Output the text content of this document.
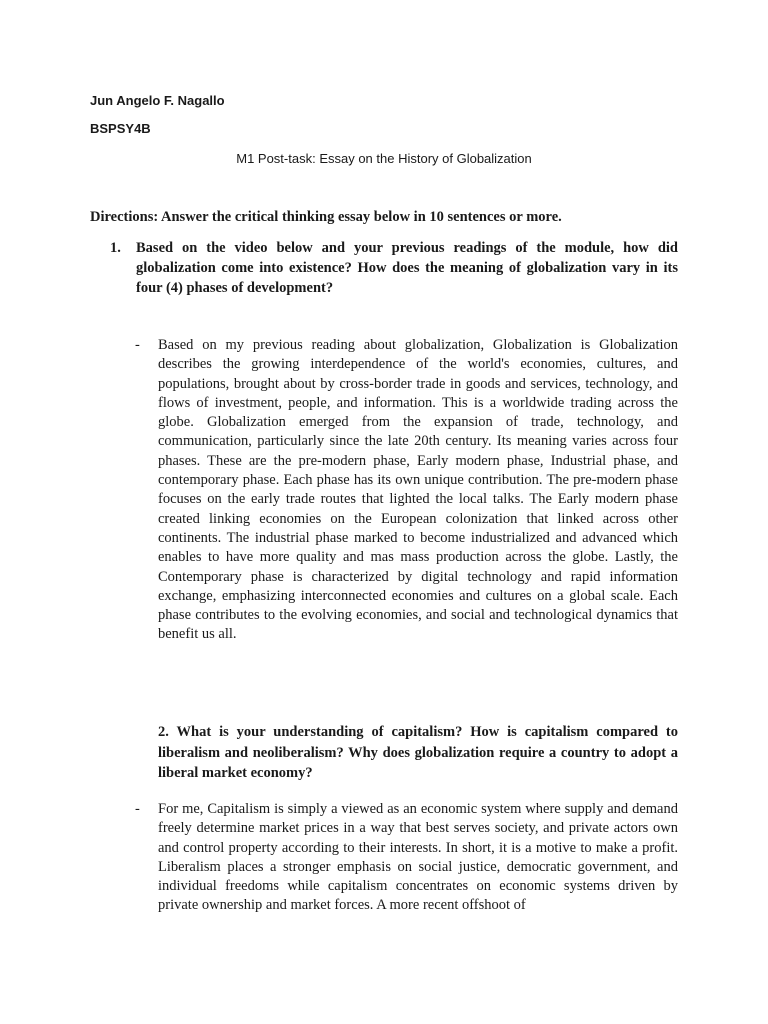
Jun Angelo F. Nagallo
BSPSY4B
M1 Post-task: Essay on the History of Globalization
Directions: Answer the critical thinking essay below in 10 sentences or more.
1. Based on the video below and your previous readings of the module, how did globalization come into existence? How does the meaning of globalization vary in its four (4) phases of development?
- Based on my previous reading about globalization, Globalization is Globalization describes the growing interdependence of the world's economies, cultures, and populations, brought about by cross-border trade in goods and services, technology, and flows of investment, people, and information. This is a worldwide trading across the globe. Globalization emerged from the expansion of trade, technology, and communication, particularly since the late 20th century. Its meaning varies across four phases. These are the pre-modern phase, Early modern phase, Industrial phase, and contemporary phase. Each phase has its own unique contribution. The pre-modern phase focuses on the early trade routes that lighted the local talks. The Early modern phase created linking economies on the European colonization that linked across other continents. The industrial phase marked to become industrialized and advanced which enables to have more quality and mas mass production across the globe. Lastly, the Contemporary phase is characterized by digital technology and rapid information exchange, emphasizing interconnected economies and cultures on a global scale. Each phase contributes to the evolving economies, and social and technological dynamics that benefit us all.
2. What is your understanding of capitalism? How is capitalism compared to liberalism and neoliberalism? Why does globalization require a country to adopt a liberal market economy?
- For me, Capitalism is simply a viewed as an economic system where supply and demand freely determine market prices in a way that best serves society, and private actors own and control property according to their interests. In short, it is a motive to make a profit. Liberalism places a stronger emphasis on social justice, democratic government, and individual freedoms while capitalism concentrates on economic systems driven by private ownership and market forces. A more recent offshoot of
